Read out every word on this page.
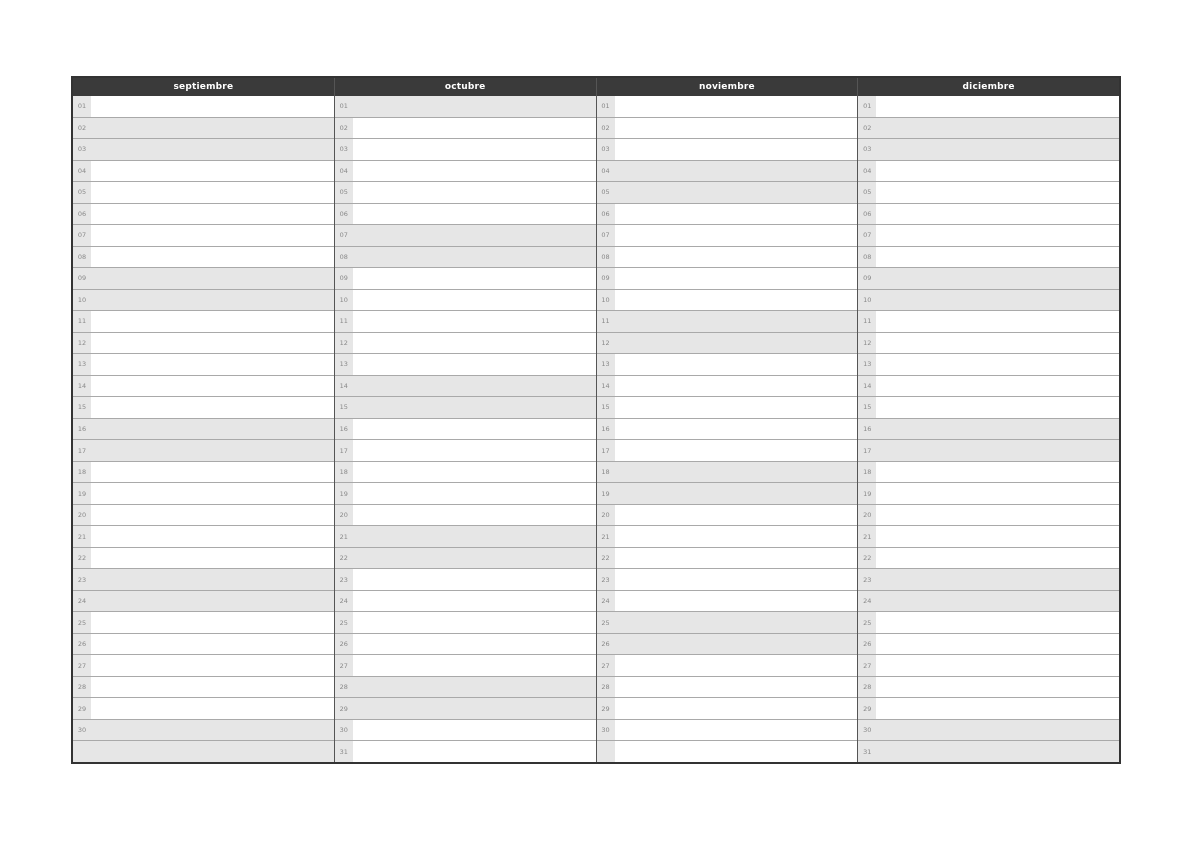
septiembre
01
02
03
04
05
06
07
08
09
10
11
12
13
14
15
16
17
18
19
20
21
22
23
24
25
26
27
28
29
30
octubre
01
02
03
04
05
06
07
08
09
10
11
12
13
14
15
16
17
18
19
20
21
22
23
24
25
26
27
28
29
30
31
noviembre
01
02
03
04
05
06
07
08
09
10
11
12
13
14
15
16
17
18
19
20
21
22
23
24
25
26
27
28
29
30
diciembre
01
02
03
04
05
06
07
08
09
10
11
12
13
14
15
16
17
18
19
20
21
22
23
24
25
26
27
28
29
30
31
